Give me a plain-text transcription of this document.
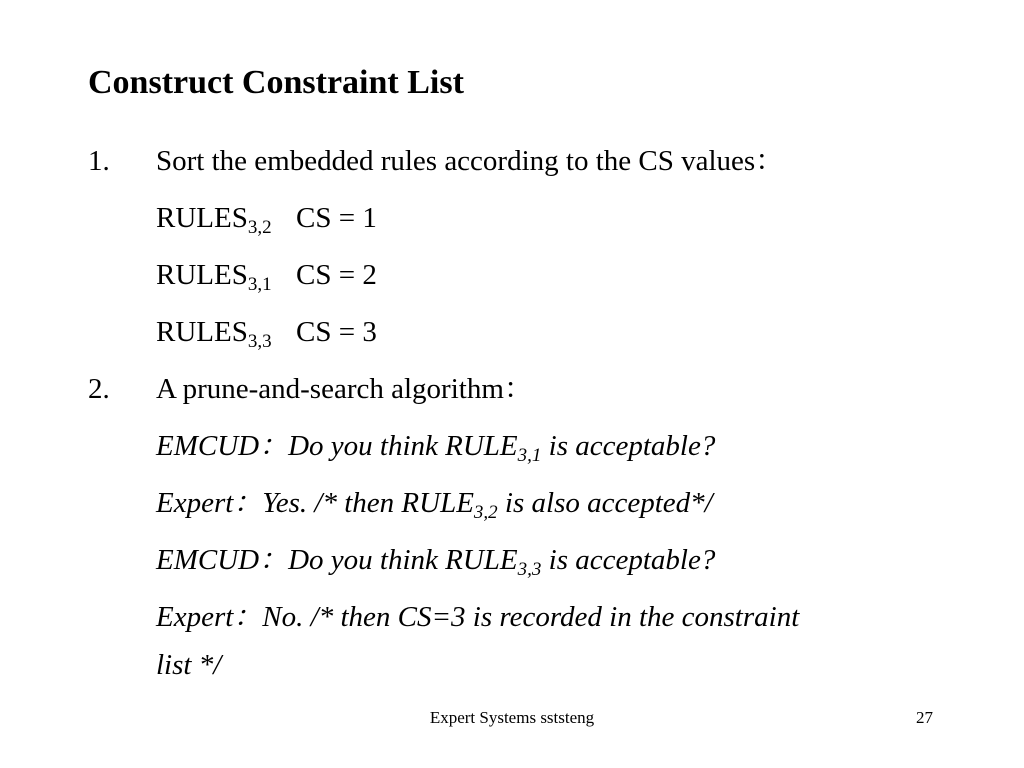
Construct Constraint List
1. Sort the embedded rules according to the CS values：
$RULES_{3,2}$ CS = 1
$RULES_{3,1}$ CS = 2
$RULES_{3,3}$ CS = 3
2. A prune-and-search algorithm：
EMCUD：Do you think $RULE_{3,1}$ is acceptable?
Expert：Yes. /* then $RULE_{3,2}$ is also accepted*/
EMCUD：Do you think $RULE_{3,3}$ is acceptable?
Expert：No. /* then CS=3 is recorded in the constraint
list */
Expert Systems sststeng	27
